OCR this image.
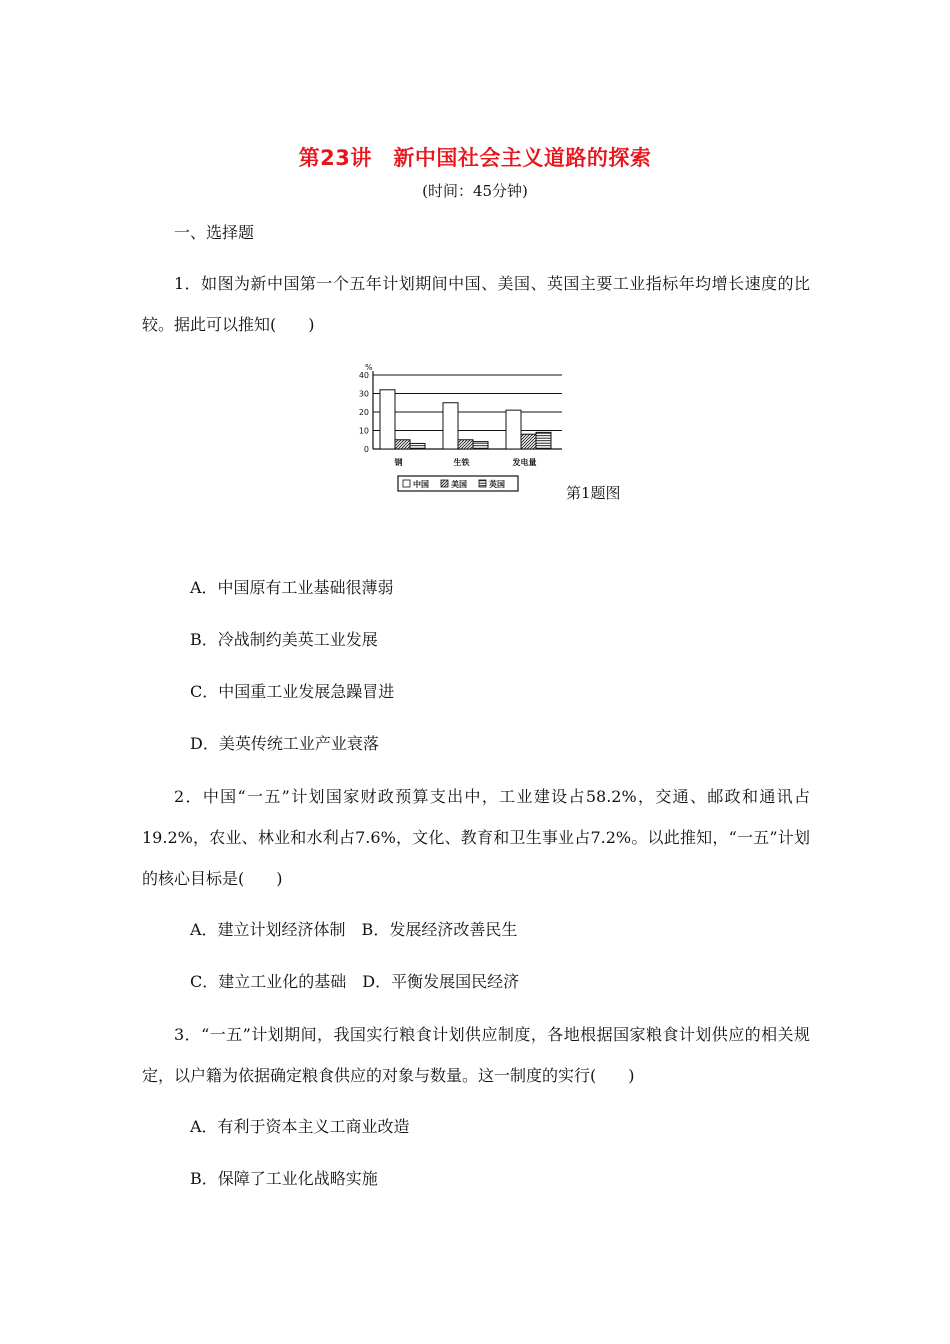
第23讲　新中国社会主义道路的探索
(时间：45分钟)
一、选择题
1．如图为新中国第一个五年计划期间中国、美国、英国主要工业指标年均增长速度的比较。据此可以推知(　　)
40
30
20
10
0
%
钢	生铁	发电量
中国	美国	英国	第1题图
A．中国原有工业基础很薄弱
B．冷战制约美英工业发展
C．中国重工业发展急躁冒进
D．美英传统工业产业衰落
2．中国“一五”计划国家财政预算支出中，工业建设占58.2%，交通、邮政和通讯占19.2%，农业、林业和水利占7.6%，文化、教育和卫生事业占7.2%。以此推知，“一五”计划的核心目标是(　　)
A．建立计划经济体制　B．发展经济改善民生
C．建立工业化的基础　D．平衡发展国民经济
3．“一五”计划期间，我国实行粮食计划供应制度，各地根据国家粮食计划供应的相关规定，以户籍为依据确定粮食供应的对象与数量。这一制度的实行(　　)
A．有利于资本主义工商业改造
B．保障了工业化战略实施
